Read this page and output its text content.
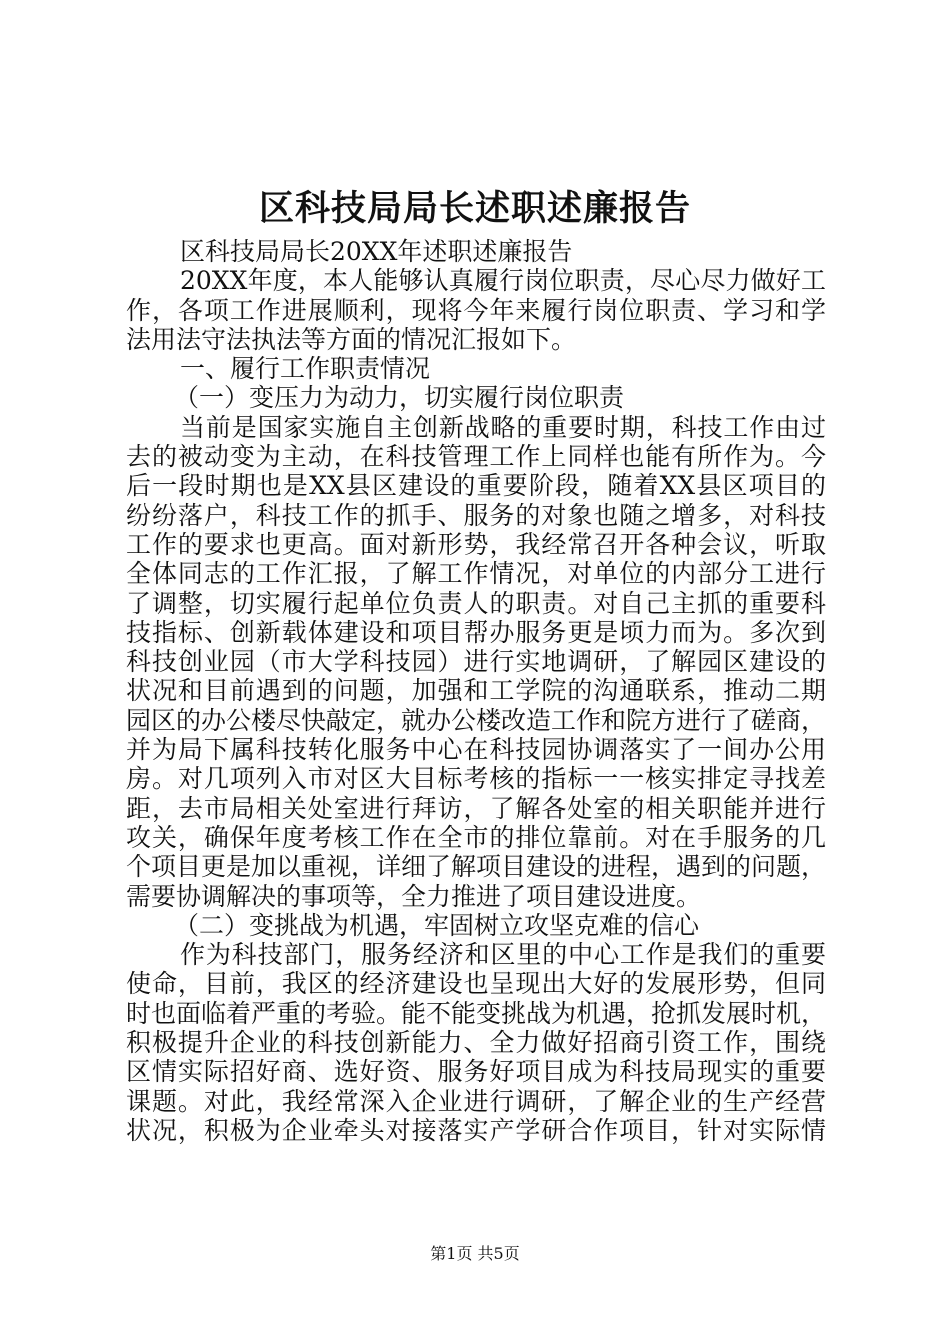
区科技局局长述职述廉报告
区科技局局长20XX年述职述廉报告
20XX年度，本人能够认真履行岗位职责，尽心尽力做好工
作，各项工作进展顺利，现将今年来履行岗位职责、学习和学
法用法守法执法等方面的情况汇报如下。
一、履行工作职责情况
（一）变压力为动力，切实履行岗位职责
当前是国家实施自主创新战略的重要时期，科技工作由过
去的被动变为主动，在科技管理工作上同样也能有所作为。今
后一段时期也是XX县区建设的重要阶段，随着XX县区项目的
纷纷落户，科技工作的抓手、服务的对象也随之增多，对科技
工作的要求也更高。面对新形势，我经常召开各种会议，听取
全体同志的工作汇报，了解工作情况，对单位的内部分工进行
了调整，切实履行起单位负责人的职责。对自己主抓的重要科
技指标、创新载体建设和项目帮办服务更是顷力而为。多次到
科技创业园（市大学科技园）进行实地调研，了解园区建设的
状况和目前遇到的问题，加强和工学院的沟通联系，推动二期
园区的办公楼尽快敲定，就办公楼改造工作和院方进行了磋商，
并为局下属科技转化服务中心在科技园协调落实了一间办公用
房。对几项列入市对区大目标考核的指标一一核实排定寻找差
距，去市局相关处室进行拜访，了解各处室的相关职能并进行
攻关，确保年度考核工作在全市的排位靠前。对在手服务的几
个项目更是加以重视，详细了解项目建设的进程，遇到的问题，
需要协调解决的事项等，全力推进了项目建设进度。
（二）变挑战为机遇，牢固树立攻坚克难的信心
作为科技部门，服务经济和区里的中心工作是我们的重要
使命，目前，我区的经济建设也呈现出大好的发展形势，但同
时也面临着严重的考验。能不能变挑战为机遇，抢抓发展时机，
积极提升企业的科技创新能力、全力做好招商引资工作，围绕
区情实际招好商、选好资、服务好项目成为科技局现实的重要
课题。对此，我经常深入企业进行调研，了解企业的生产经营
状况，积极为企业牵头对接落实产学研合作项目，针对实际情
第1页 共5页
